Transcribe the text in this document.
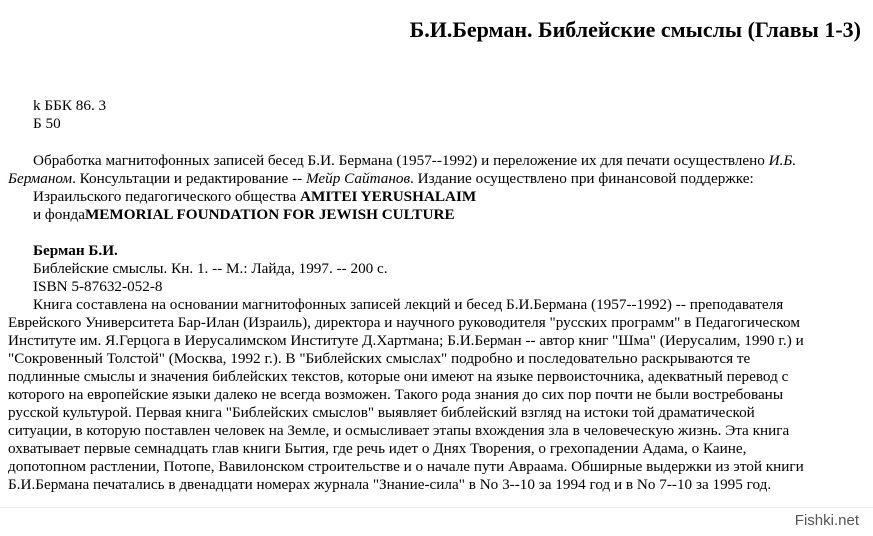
Б.И.Берман. Библейские смыслы (Главы 1-3)
k ББК 86. 3
Б 50
Обработка магнитофонных записей бесед Б.И. Бермана (1957--1992) и переложение их для печати осуществлено И.Б.
Берманом. Консультации и редактирование -- Мейр Сайтанов. Издание осуществлено при финансовой поддержке:
Израильского педагогического общества AMITEI YERUSHALAIM
и фондаMEMORIAL FOUNDATION FOR JEWISH CULTURE
Берман Б.И.
Библейские смыслы. Кн. 1. -- М.: Лайда, 1997. -- 200 с.
ISBN 5-87632-052-8
Книга составлена на основании магнитофонных записей лекций и бесед Б.И.Бермана (1957--1992) -- преподавателя
Еврейского Университета Бар-Илан (Израиль), директора и научного руководителя "русских программ" в Педагогическом
Институте им. Я.Герцога в Иерусалимском Институте Д.Хартмана; Б.И.Берман -- автор книг "Шма" (Иерусалим, 1990 г.) и
"Сокровенный Толстой" (Москва, 1992 г.). В "Библейских смыслах" подробно и последовательно раскрываются те
подлинные смыслы и значения библейских текстов, которые они имеют на языке первоисточника, адекватный перевод с
которого на европейские языки далеко не всегда возможен. Такого рода знания до сих пор почти не были востребованы
русской культурой. Первая книга "Библейских смыслов" выявляет библейский взгляд на истоки той драматической
ситуации, в которую поставлен человек на Земле, и осмысливает этапы вхождения зла в человеческую жизнь. Эта книга
охватывает первые семнадцать глав книги Бытия, где речь идет о Днях Творения, о грехопадении Адама, о Каине,
допотопном растлении, Потопе, Вавилонском строительстве и о начале пути Авраама. Обширные выдержки из этой книги
Б.И.Бермана печатались в двенадцати номерах журнала "Знание-сила" в No 3--10 за 1994 год и в No 7--10 за 1995 год.
Fishki.net
